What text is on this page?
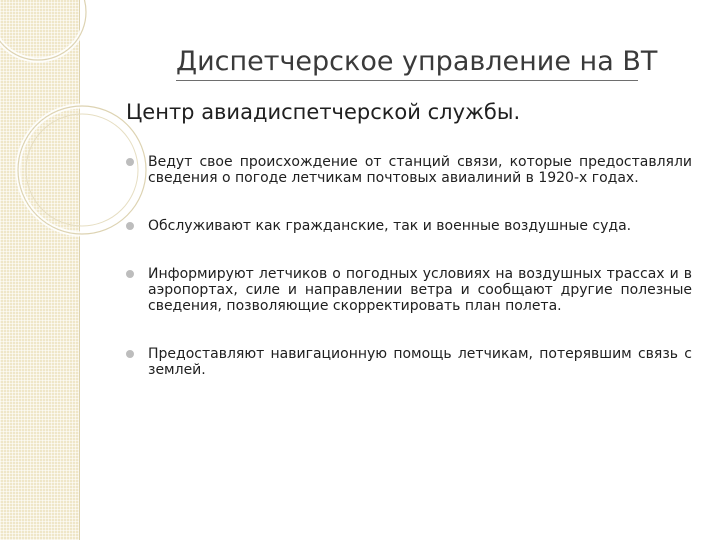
Диспетчерское управление на ВТ
Центр авиадиспетчерской службы.
Ведут свое происхождение от станций связи, которые предоставляли сведения о погоде летчикам почтовых авиалиний в 1920-х годах.
Обслуживают как гражданские, так и военные воздушные суда.
Информируют летчиков о погодных условиях на воздушных трассах и в аэропортах, силе и направлении ветра и сообщают другие полезные сведения, позволяющие скорректировать план полета.
Предоставляют навигационную помощь летчикам, потерявшим связь с землей.
